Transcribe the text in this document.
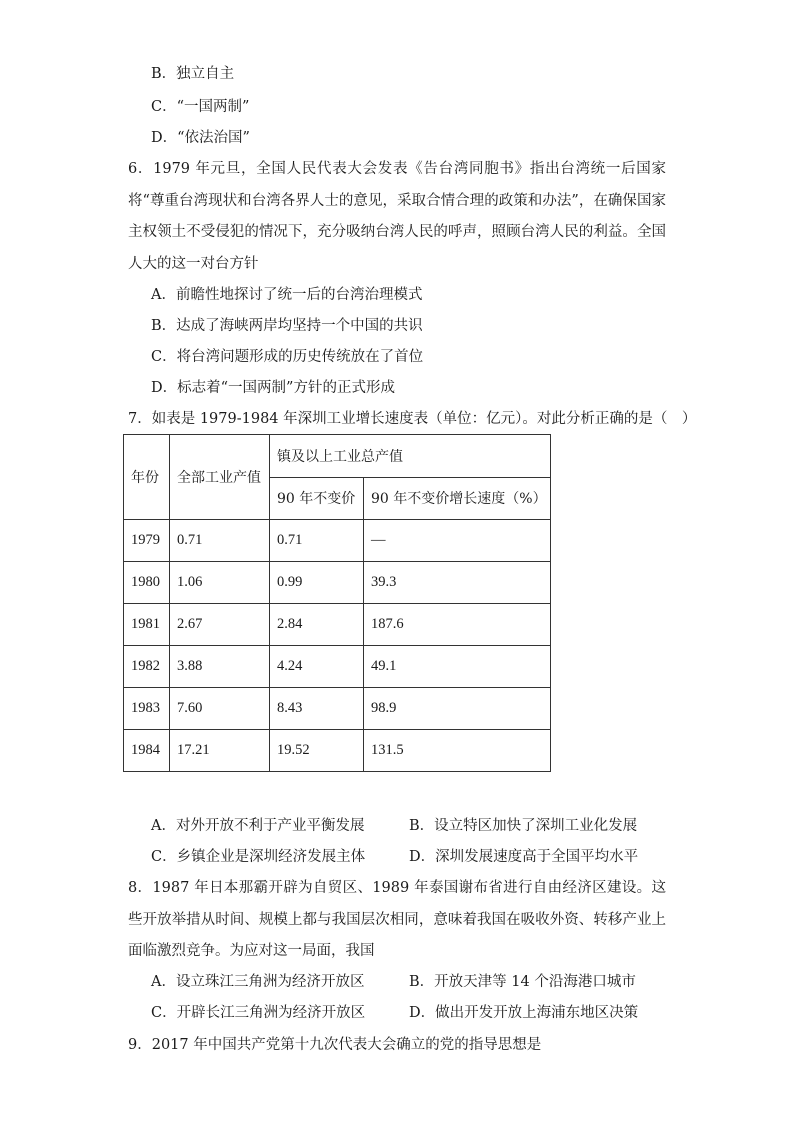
B．独立自主
C．“一国两制”
D．“依法治国”
6．1979 年元旦，全国人民代表大会发表《告台湾同胞书》指出台湾统一后国家将“尊重台湾现状和台湾各界人士的意见，采取合情合理的政策和办法”，在确保国家主权领土不受侵犯的情况下，充分吸纳台湾人民的呼声，照顾台湾人民的利益。全国人大的这一对台方针
A．前瞻性地探讨了统一后的台湾治理模式
B．达成了海峡两岸均坚持一个中国的共识
C．将台湾问题形成的历史传统放在了首位
D．标志着“一国两制”方针的正式形成
7．如表是 1979-1984 年深圳工业增长速度表（单位：亿元）。对此分析正确的是（　）
年份	全部工业产值	镇及以上工业总产值	
		90 年不变价	90 年不变价增长速度（%）
1979	0.71	0.71	—
1980	1.06	0.99	39.3
1981	2.67	2.84	187.6
1982	3.88	4.24	49.1
1983	7.60	8.43	98.9
1984	17.21	19.52	131.5
A．对外开放不利于产业平衡发展	B．设立特区加快了深圳工业化发展
C．乡镇企业是深圳经济发展主体	D．深圳发展速度高于全国平均水平
8．1987 年日本那霸开辟为自贸区、1989 年泰国谢布省进行自由经济区建设。这些开放举措从时间、规模上都与我国层次相同，意味着我国在吸收外资、转移产业上面临激烈竞争。为应对这一局面，我国
A．设立珠江三角洲为经济开放区	B．开放天津等 14 个沿海港口城市
C．开辟长江三角洲为经济开放区	D．做出开发开放上海浦东地区决策
9．2017 年中国共产党第十九次代表大会确立的党的指导思想是
